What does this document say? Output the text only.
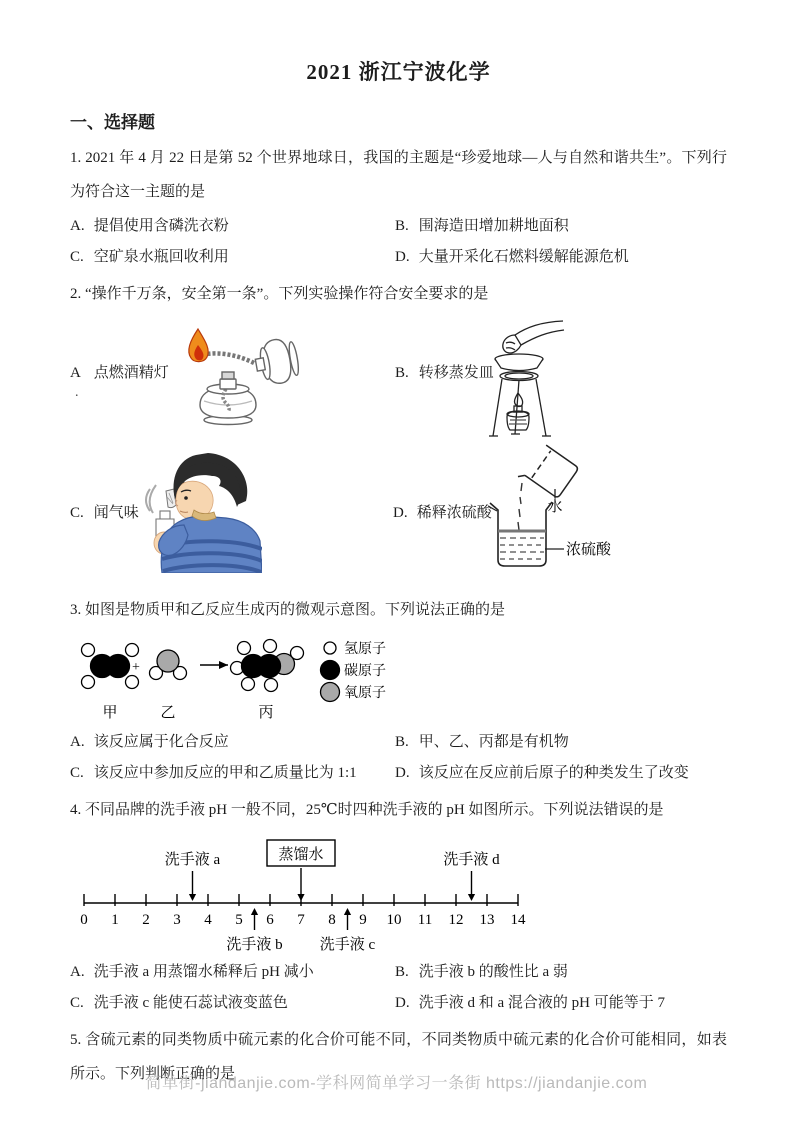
2021 浙江宁波化学
一、选择题

1. 2021 年 4 月 22 日是第 52 个世界地球日，我国的主题是“珍爱地球—人与自然和谐共生”。下列行为符合这一主题的是

A. 提倡使用含磷洗衣粉	B. 围海造田增加耕地面积
C. 空矿泉水瓶回收利用	D. 大量开采化石燃料缓解能源危机

2. “操作千万条，安全第一条”。下列实验操作符合安全要求的是

A 点燃酒精灯
.
B. 转移蒸发皿
C. 闻气味	D. 稀释浓硫酸	水
浓硫酸

3. 如图是物质甲和乙反应生成丙的微观示意图。下列说法正确的是

+
甲	乙	丙
氢原子
碳原子
氧原子
A. 该反应属于化合反应	B. 甲、乙、丙都是有机物
C. 该反应中参加反应的甲和乙质量比为 1:1	D. 该反应在反应前后原子的种类发生了改变

4. 不同品牌的洗手液 pH 一般不同，25℃时四种洗手液的 pH 如图所示。下列说法错误的是

0 1 2 3 4 5 6 7 8 9 10 11 12 13 14
洗手液 a	蒸馏水	洗手液 d
洗手液 b 洗手液 c
A. 洗手液 a 用蒸馏水稀释后 pH 减小	B. 洗手液 b 的酸性比 a 弱
C. 洗手液 c 能使石蕊试液变蓝色	D. 洗手液 d 和 a 混合液的 pH 可能等于 7

5. 含硫元素的同类物质中硫元素的化合价可能不同，不同类物质中硫元素的化合价可能相同，如表所示。下列判断正确的是

简单街-jiandanjie.com-学科网简单学习一条街 https://jiandanjie.com
